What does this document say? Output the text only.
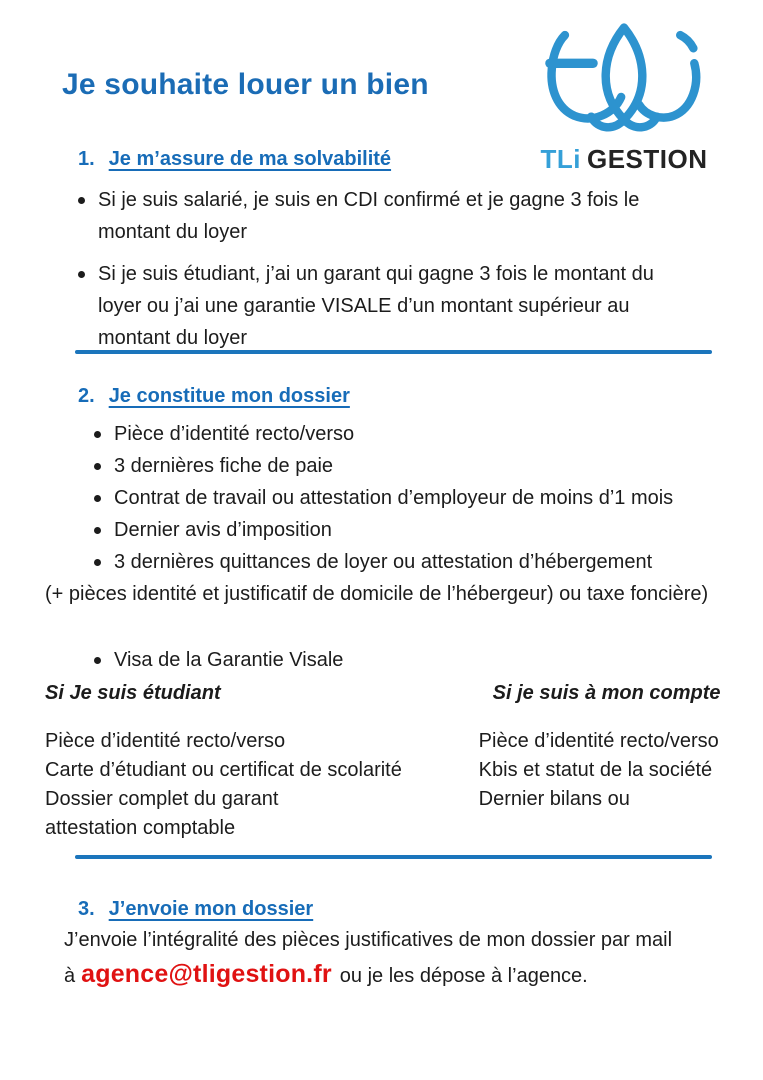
Je souhaite louer un bien
TLi GESTION
1. Je m’assure de ma solvabilité
Si je suis salarié, je suis en CDI confirmé et je gagne 3 fois le montant du loyer
Si je suis étudiant, j’ai un garant qui gagne 3 fois le montant du loyer ou j’ai une garantie VISALE d’un montant supérieur au montant du loyer
2. Je constitue mon dossier
Pièce d’identité recto/verso
3 dernières fiche de paie
Contrat de travail ou attestation d’employeur de moins d’1 mois
Dernier avis d’imposition
3 dernières quittances de loyer ou attestation d’hébergement
(+ pièces identité et justificatif de domicile de l’hébergeur) ou taxe foncière)
Visa de la Garantie Visale
Si Je suis étudiant
Pièce d’identité recto/verso
Carte d’étudiant ou certificat de scolarité
Dossier complet du garant
attestation comptable
Si je suis à mon compte
Pièce d’identité recto/verso
Kbis et statut de la société
Dernier bilans ou
3. J’envoie mon dossier
J’envoie l’intégralité des pièces justificatives de mon dossier par mail
à agence@tligestion.fr ou je les dépose à l’agence.
